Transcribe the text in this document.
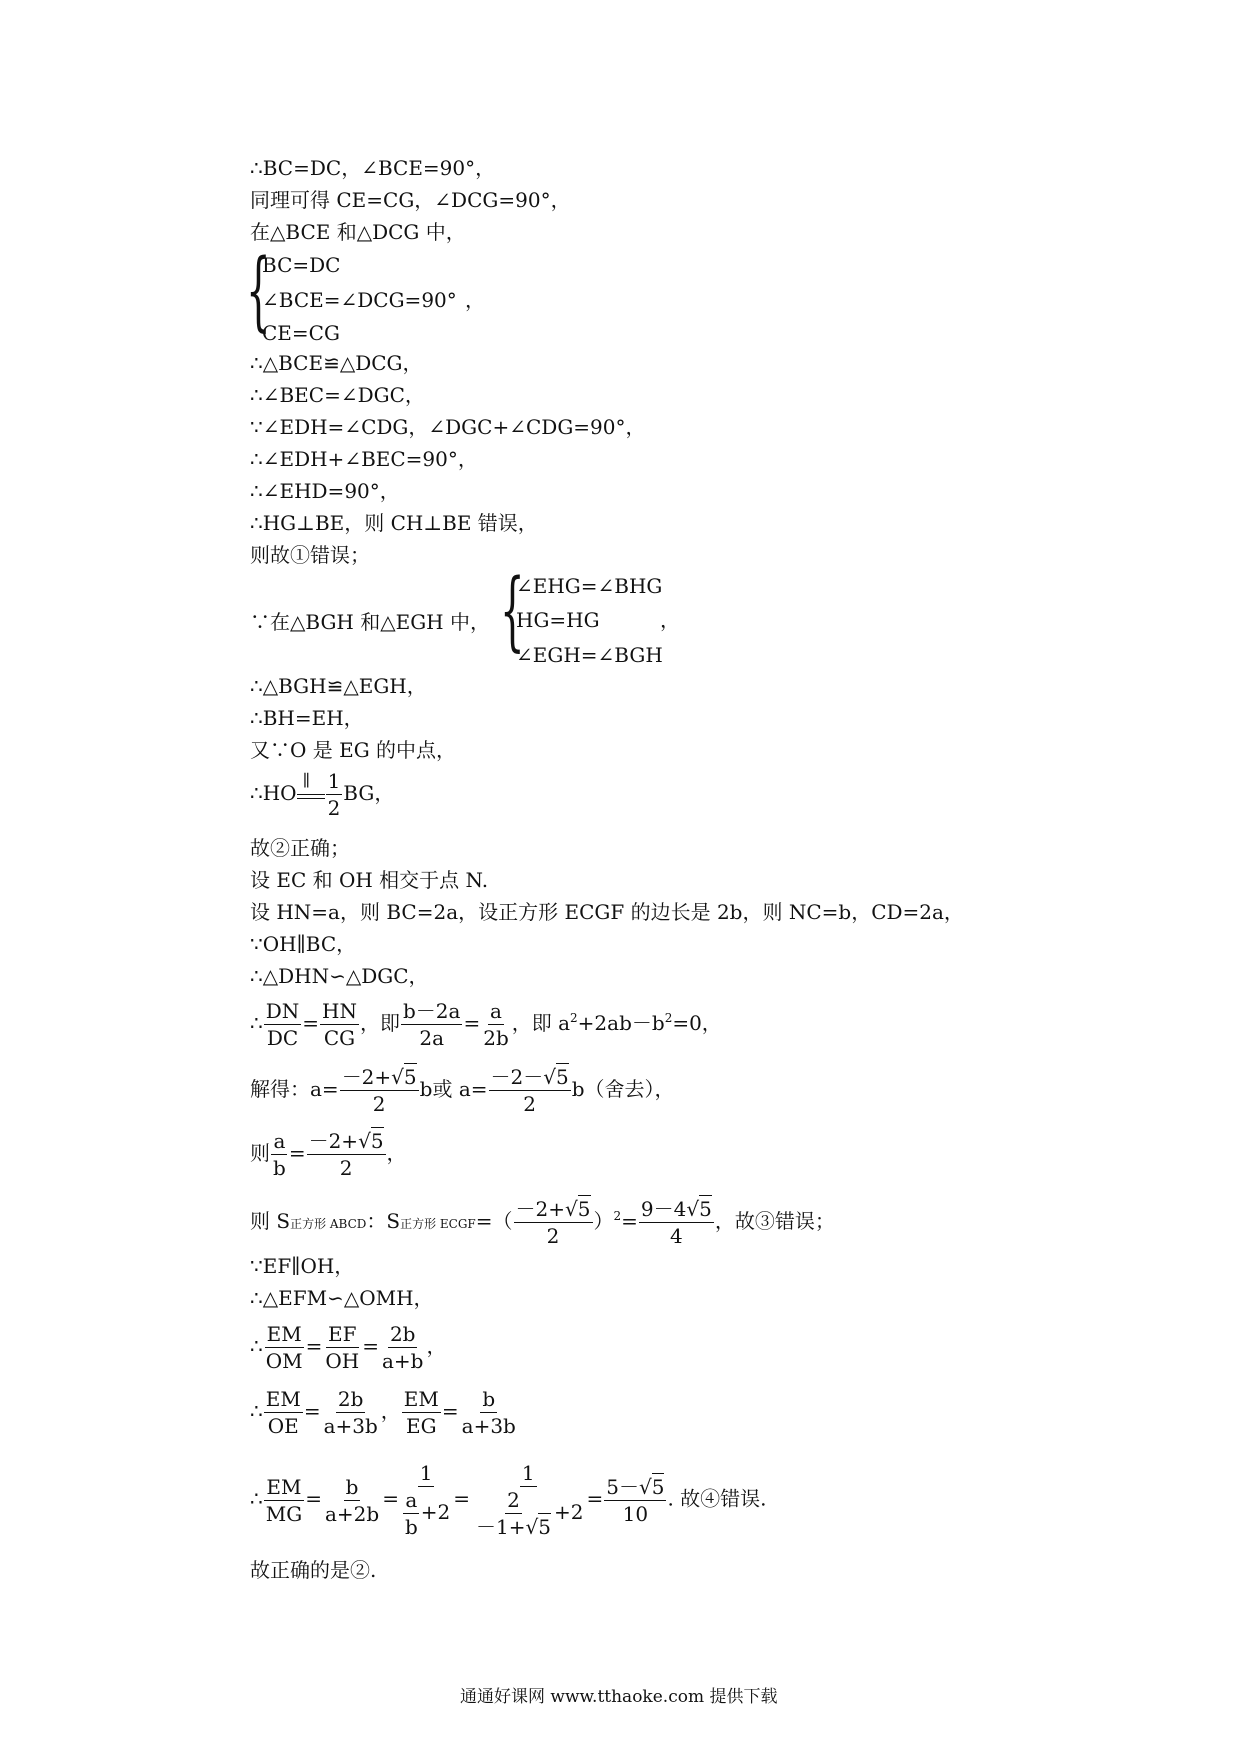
∴BC=DC，∠BCE=90°，
同理可得 CE=CG，∠DCG=90°，
在△BCE 和△DCG 中，
{
BC=DC
∠BCE=∠DCG=90° ，
CE=CG
∴△BCE≌△DCG，
∴∠BEC=∠DGC，
∵∠EDH=∠CDG，∠DGC+∠CDG=90°，
∴∠EDH+∠BEC=90°，
∴∠EHD=90°，
∴HG⊥BE，则 CH⊥BE 错误，
则故①错误；
∵在△BGH 和△EGH 中， {
∠EHG=∠BHG
HG=HG	，
∠EGH=∠BGH
∴△BGH≌△EGH，
∴BH=EH，
又∵O 是 EG 的中点，
∴HO
∥ $\frac{1}{2}$ BG，
故②正确；
设 EC 和 OH 相交于点 N.
设 HN=a，则 BC=2a，设正方形 ECGF 的边长是 2b，则 NC=b，CD=2a，
∵OH∥BC，
∴△DHN∽△DGC，
∴ $\frac{DN}{DC} = \frac{HN}{CG}$ ，即 $\frac{b-2a}{2a} = \frac{a}{2b}$ ，即 $a^2+2ab-b^2=0$，
解得：$a= \frac{-2+√5}{2}$ b或 $a= \frac{-2-√5}{2} b$（舍去），
则 $\frac{a}{b} = \frac{-2+√5}{2}$ ，
则 S正方形 ABCD：S正方形 ECGF=（ $\frac{-2+√5}{2} )^2= \frac{9-4√5}{4}$ ，故③错误；
∵EF∥OH，
∴△EFM∽△OMH，
∴ $\frac{EM}{OM} = \frac{EF}{OH} = \frac{2b}{a+b}$ ，
∴ $\frac{EM}{OE} = \frac{2b}{a+3b}$ ， $\frac{EM}{EG} = \frac{b}{a+3b}$
∴ $\frac{EM}{MG} = \frac{b}{a+2b} = \frac{1}{\frac{a}{b} +2} = \frac{1}{\frac{2}{-1+√5} +2} = \frac{5-√5}{10}$ . 故④错误.
故正确的是②.
通通好课网 www.tthaoke.com 提供下载
